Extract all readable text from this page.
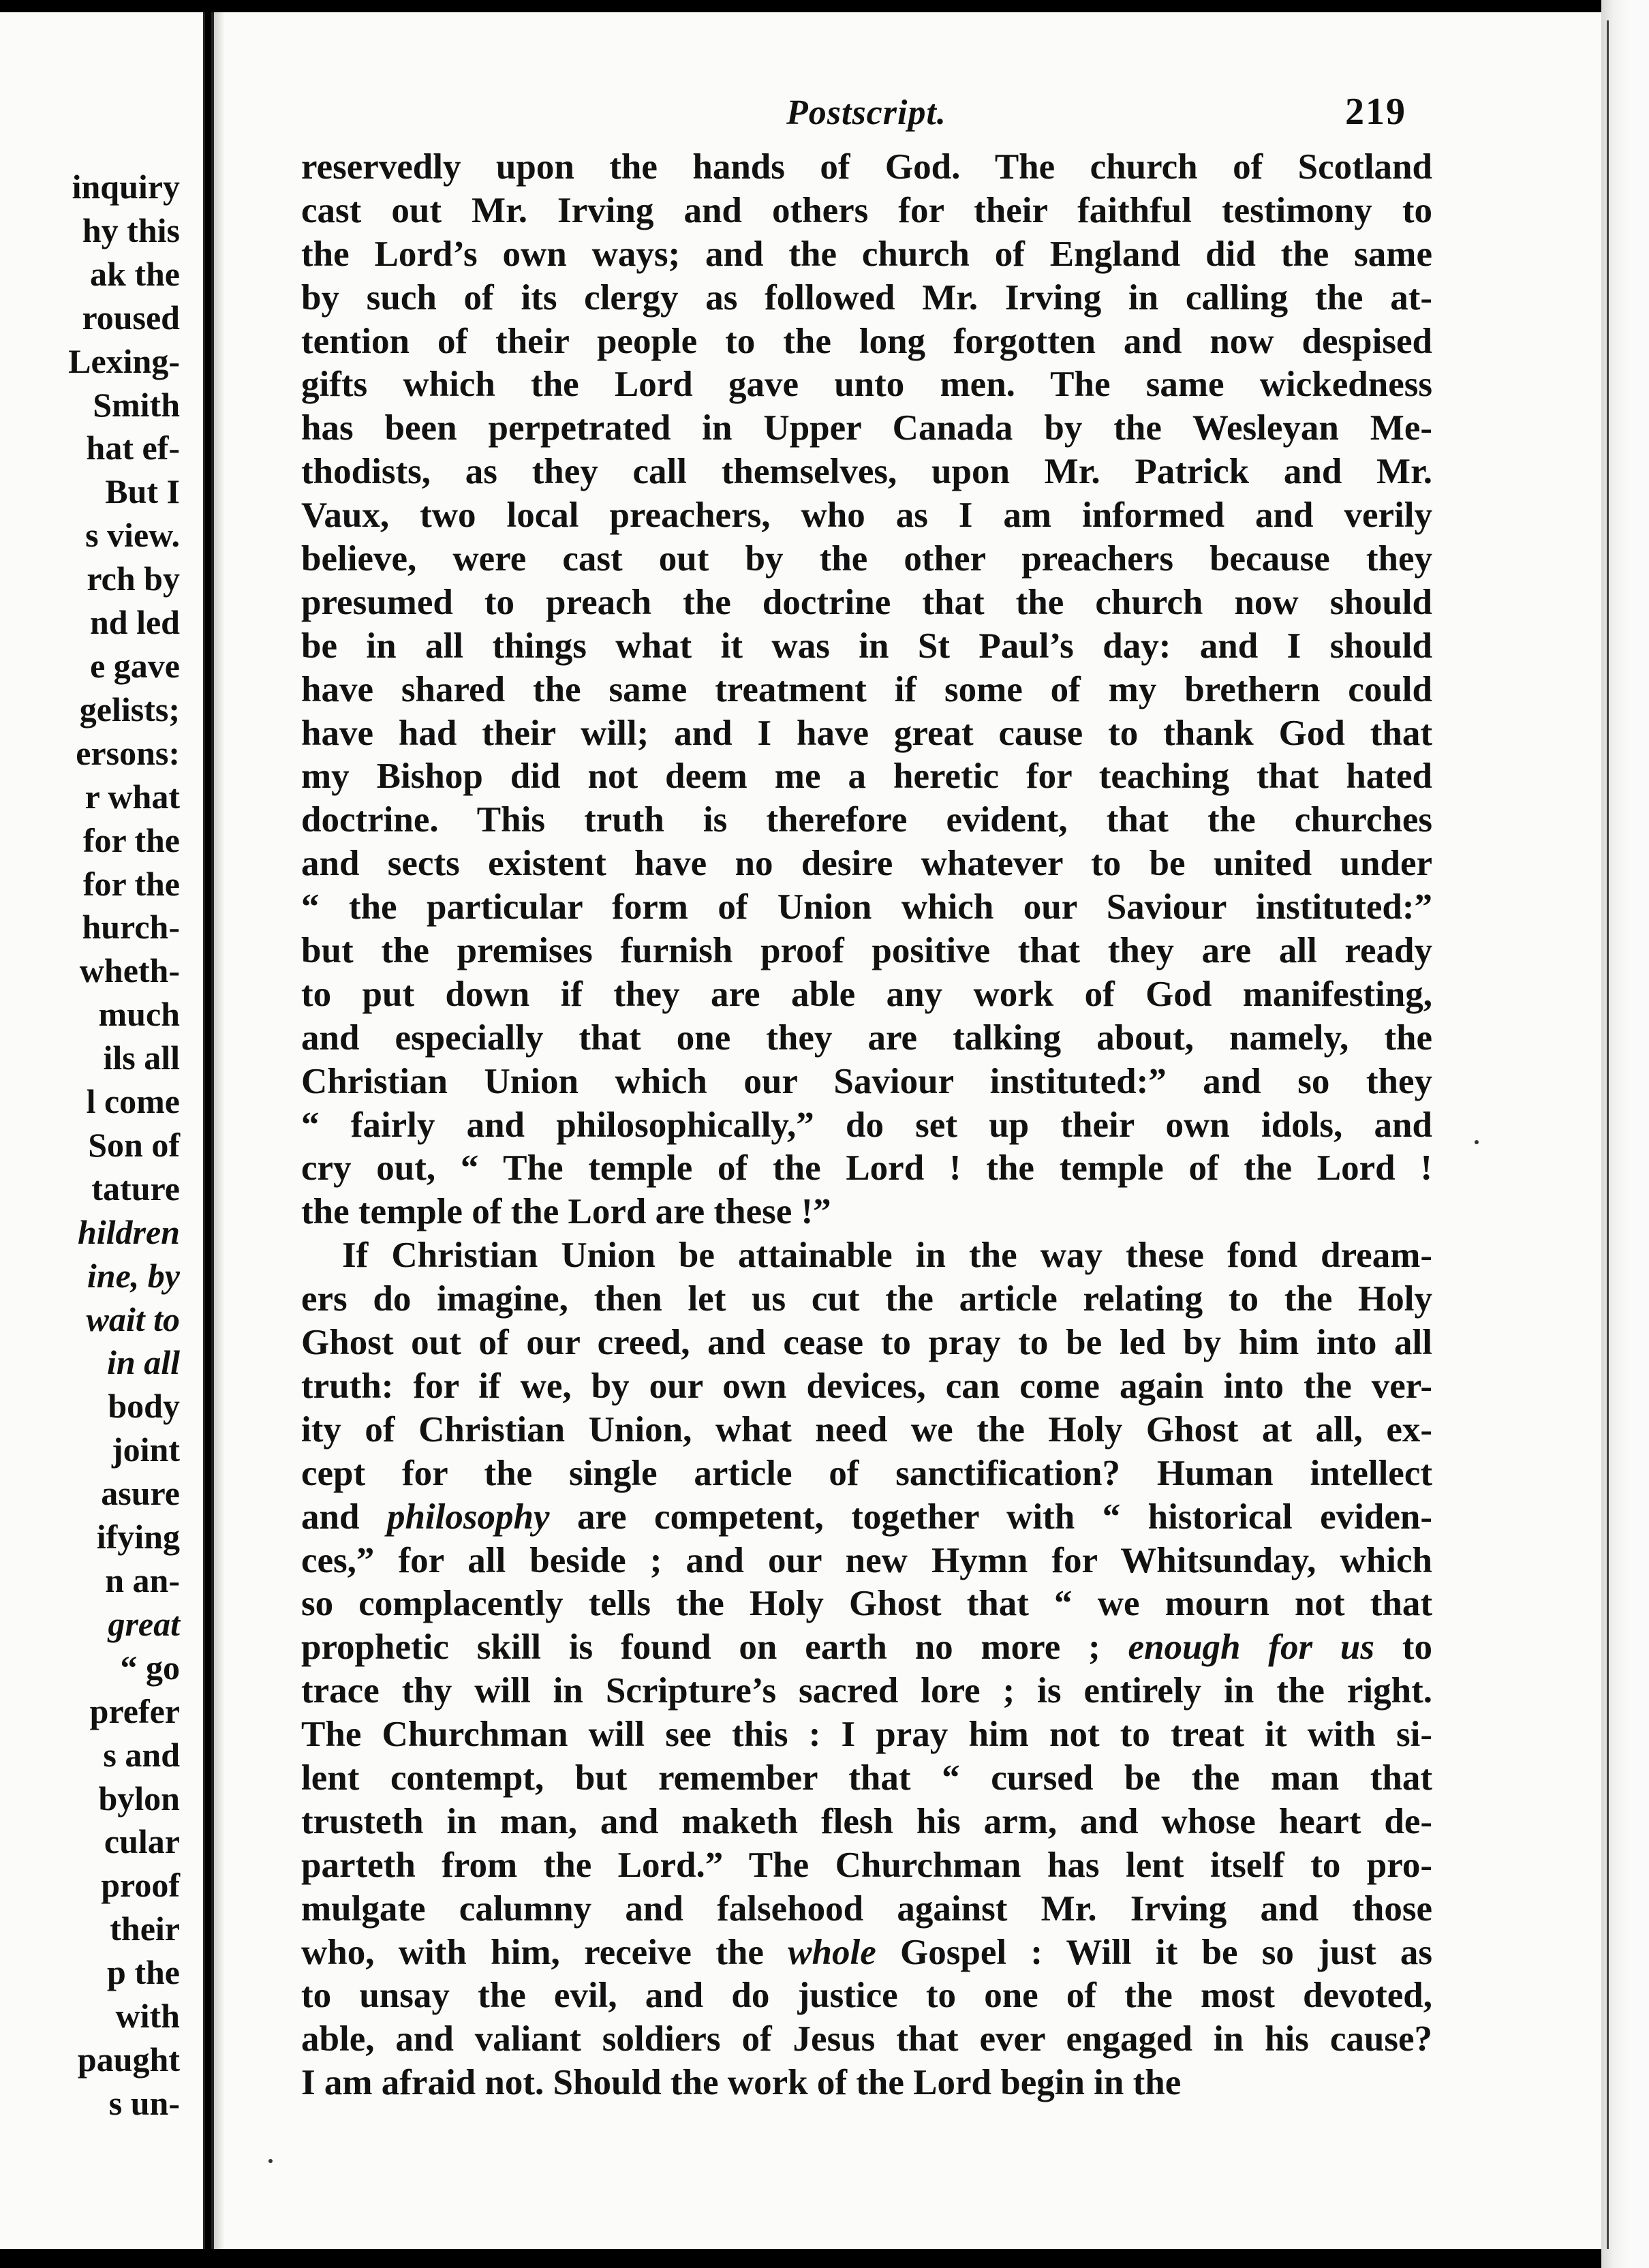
inquiry
hy this
ak the
roused
Lexing-
Smith
hat ef-
But I
s view.
rch by
nd led
e gave
gelists;
ersons:
r what
for the
for the
hurch-
wheth-
much
ils all
l come
Son of
tature
hildren
ine, by
wait to
in all
body
joint
asure
ifying
n an-
great
“ go
prefer
s and
bylon
cular
proof
their
p the
with
paught
s un-
Postscript.	219
reservedly upon the hands of God. The church of Scotland
cast out Mr. Irving and others for their faithful testimony to
the Lord’s own ways; and the church of England did the same
by such of its clergy as followed Mr. Irving in calling the at-
tention of their people to the long forgotten and now despised
gifts which the Lord gave unto men. The same wickedness
has been perpetrated in Upper Canada by the Wesleyan Me-
thodists, as they call themselves, upon Mr. Patrick and Mr.
Vaux, two local preachers, who as I am informed and verily
believe, were cast out by the other preachers because they
presumed to preach the doctrine that the church now should
be in all things what it was in St Paul’s day: and I should
have shared the same treatment if some of my brethern could
have had their will; and I have great cause to thank God that
my Bishop did not deem me a heretic for teaching that hated
doctrine. This truth is therefore evident, that the churches
and sects existent have no desire whatever to be united under
“ the particular form of Union which our Saviour instituted:”
but the premises furnish proof positive that they are all ready
to put down if they are able any work of God manifesting,
and especially that one they are talking about, namely, the
Christian Union which our Saviour instituted:” and so they
“ fairly and philosophically,” do set up their own idols, and
cry out, “ The temple of the Lord ! the temple of the Lord !
the temple of the Lord are these !”
If Christian Union be attainable in the way these fond dream-
ers do imagine, then let us cut the article relating to the Holy
Ghost out of our creed, and cease to pray to be led by him into all
truth: for if we, by our own devices, can come again into the ver-
ity of Christian Union, what need we the Holy Ghost at all, ex-
cept for the single article of sanctification? Human intellect
and philosophy are competent, together with “ historical eviden-
ces,” for all beside ; and our new Hymn for Whitsunday, which
so complacently tells the Holy Ghost that “ we mourn not that
prophetic skill is found on earth no more ; enough for us to
trace thy will in Scripture’s sacred lore ; is entirely in the right.
The Churchman will see this : I pray him not to treat it with si-
lent contempt, but remember that “ cursed be the man that
trusteth in man, and maketh flesh his arm, and whose heart de-
parteth from the Lord.” The Churchman has lent itself to pro-
mulgate calumny and falsehood against Mr. Irving and those
who, with him, receive the whole Gospel : Will it be so just as
to unsay the evil, and do justice to one of the most devoted,
able, and valiant soldiers of Jesus that ever engaged in his cause?
I am afraid not. Should the work of the Lord begin in the
